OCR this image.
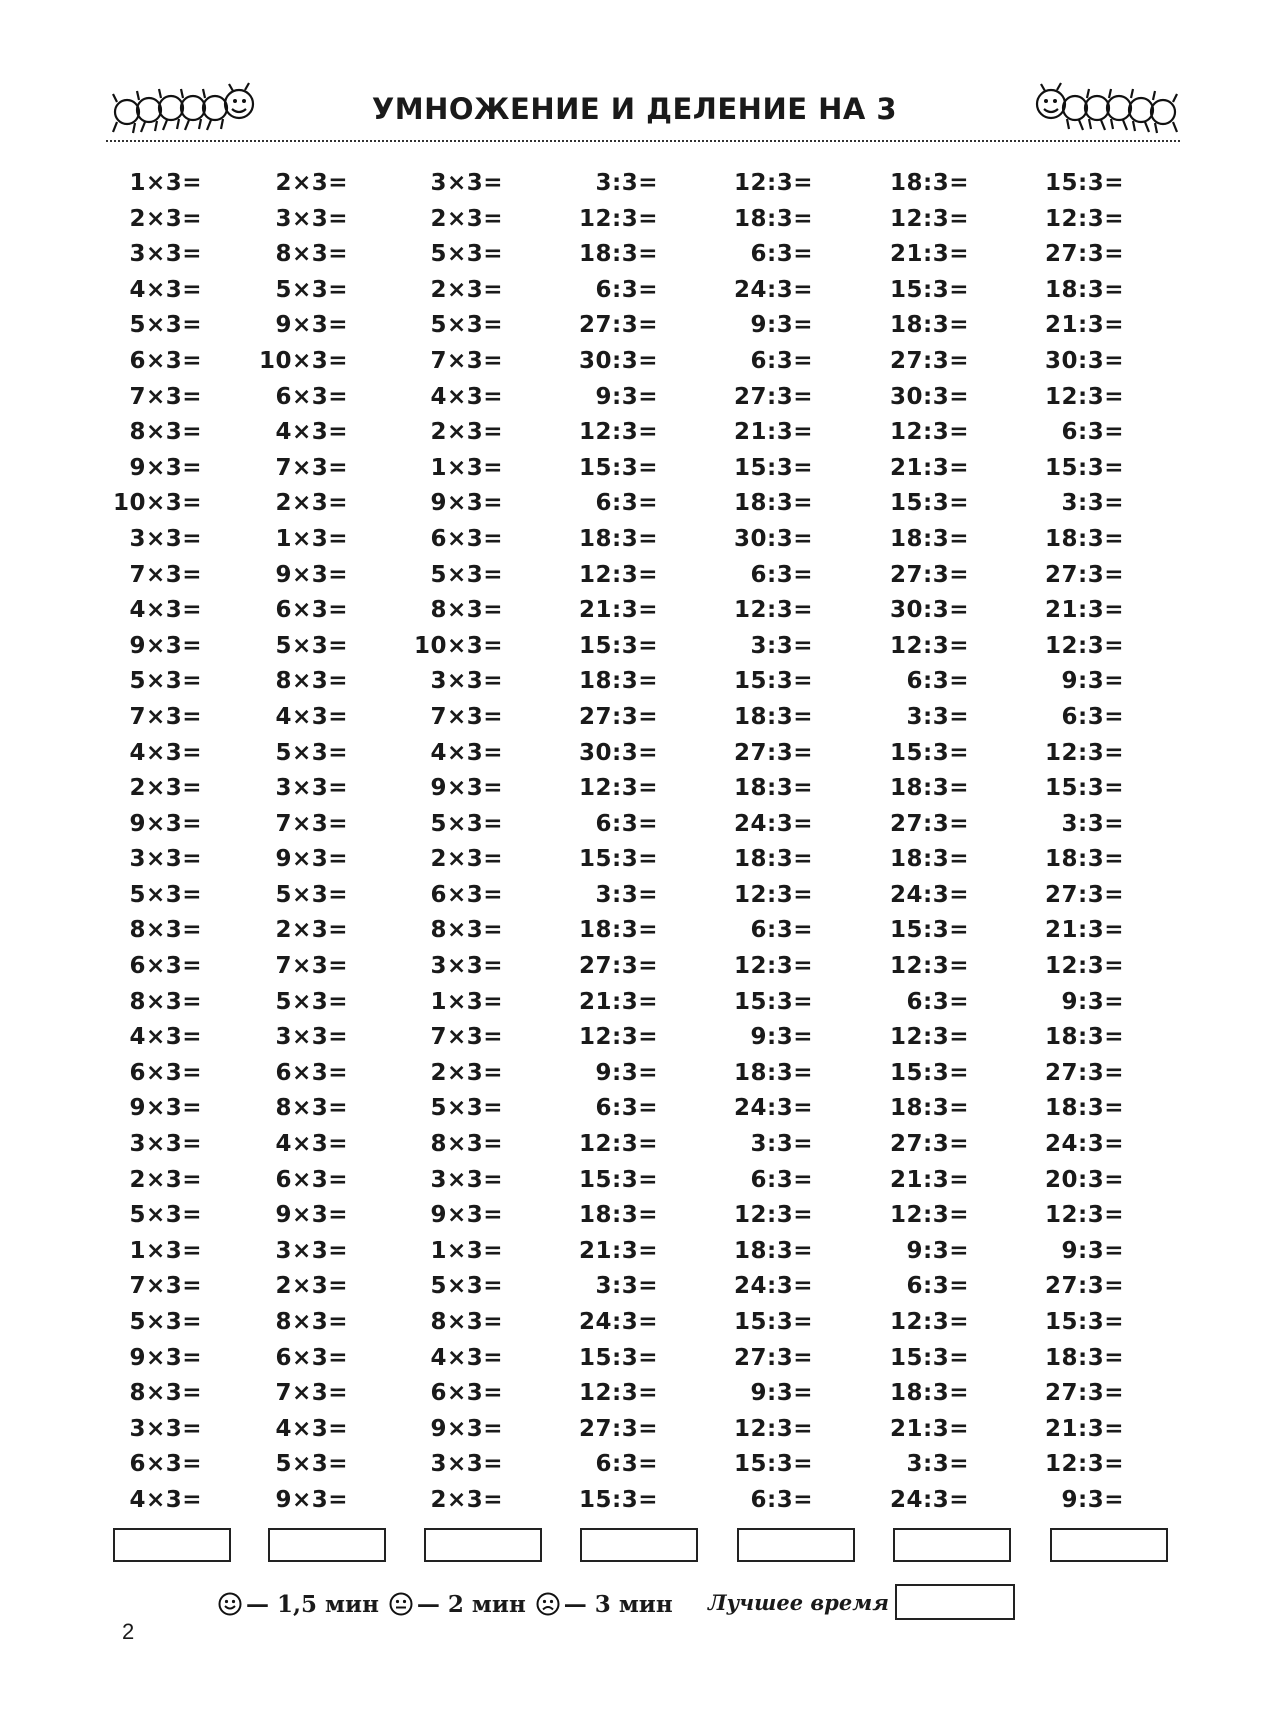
УМНОЖЕНИЕ И ДЕЛЕНИЕ НА 3
1×3=
2×3=
3×3=
4×3=
5×3=
6×3=
7×3=
8×3=
9×3=
10×3=
3×3=
7×3=
4×3=
9×3=
5×3=
7×3=
4×3=
2×3=
9×3=
3×3=
5×3=
8×3=
6×3=
8×3=
4×3=
6×3=
9×3=
3×3=
2×3=
5×3=
1×3=
7×3=
5×3=
9×3=
8×3=
3×3=
6×3=
4×3=
2×3=
3×3=
8×3=
5×3=
9×3=
10×3=
6×3=
4×3=
7×3=
2×3=
1×3=
9×3=
6×3=
5×3=
8×3=
4×3=
5×3=
3×3=
7×3=
9×3=
5×3=
2×3=
7×3=
5×3=
3×3=
6×3=
8×3=
4×3=
6×3=
9×3=
3×3=
2×3=
8×3=
6×3=
7×3=
4×3=
5×3=
9×3=
3×3=
2×3=
5×3=
2×3=
5×3=
7×3=
4×3=
2×3=
1×3=
9×3=
6×3=
5×3=
8×3=
10×3=
3×3=
7×3=
4×3=
9×3=
5×3=
2×3=
6×3=
8×3=
3×3=
1×3=
7×3=
2×3=
5×3=
8×3=
3×3=
9×3=
1×3=
5×3=
8×3=
4×3=
6×3=
9×3=
3×3=
2×3=
3:3=
12:3=
18:3=
6:3=
27:3=
30:3=
9:3=
12:3=
15:3=
6:3=
18:3=
12:3=
21:3=
15:3=
18:3=
27:3=
30:3=
12:3=
6:3=
15:3=
3:3=
18:3=
27:3=
21:3=
12:3=
9:3=
6:3=
12:3=
15:3=
18:3=
21:3=
3:3=
24:3=
15:3=
12:3=
27:3=
6:3=
15:3=
12:3=
18:3=
6:3=
24:3=
9:3=
6:3=
27:3=
21:3=
15:3=
18:3=
30:3=
6:3=
12:3=
3:3=
15:3=
18:3=
27:3=
18:3=
24:3=
18:3=
12:3=
6:3=
12:3=
15:3=
9:3=
18:3=
24:3=
3:3=
6:3=
12:3=
18:3=
24:3=
15:3=
27:3=
9:3=
12:3=
15:3=
6:3=
18:3=
12:3=
21:3=
15:3=
18:3=
27:3=
30:3=
12:3=
21:3=
15:3=
18:3=
27:3=
30:3=
12:3=
6:3=
3:3=
15:3=
18:3=
27:3=
18:3=
24:3=
15:3=
12:3=
6:3=
12:3=
15:3=
18:3=
27:3=
21:3=
12:3=
9:3=
6:3=
12:3=
15:3=
18:3=
21:3=
3:3=
24:3=
15:3=
12:3=
27:3=
18:3=
21:3=
30:3=
12:3=
6:3=
15:3=
3:3=
18:3=
27:3=
21:3=
12:3=
9:3=
6:3=
12:3=
15:3=
3:3=
18:3=
27:3=
21:3=
12:3=
9:3=
18:3=
27:3=
18:3=
24:3=
20:3=
12:3=
9:3=
27:3=
15:3=
18:3=
27:3=
21:3=
12:3=
9:3=
— 1,5 мин — 2 мин — 3 мин Лучшее время
2
